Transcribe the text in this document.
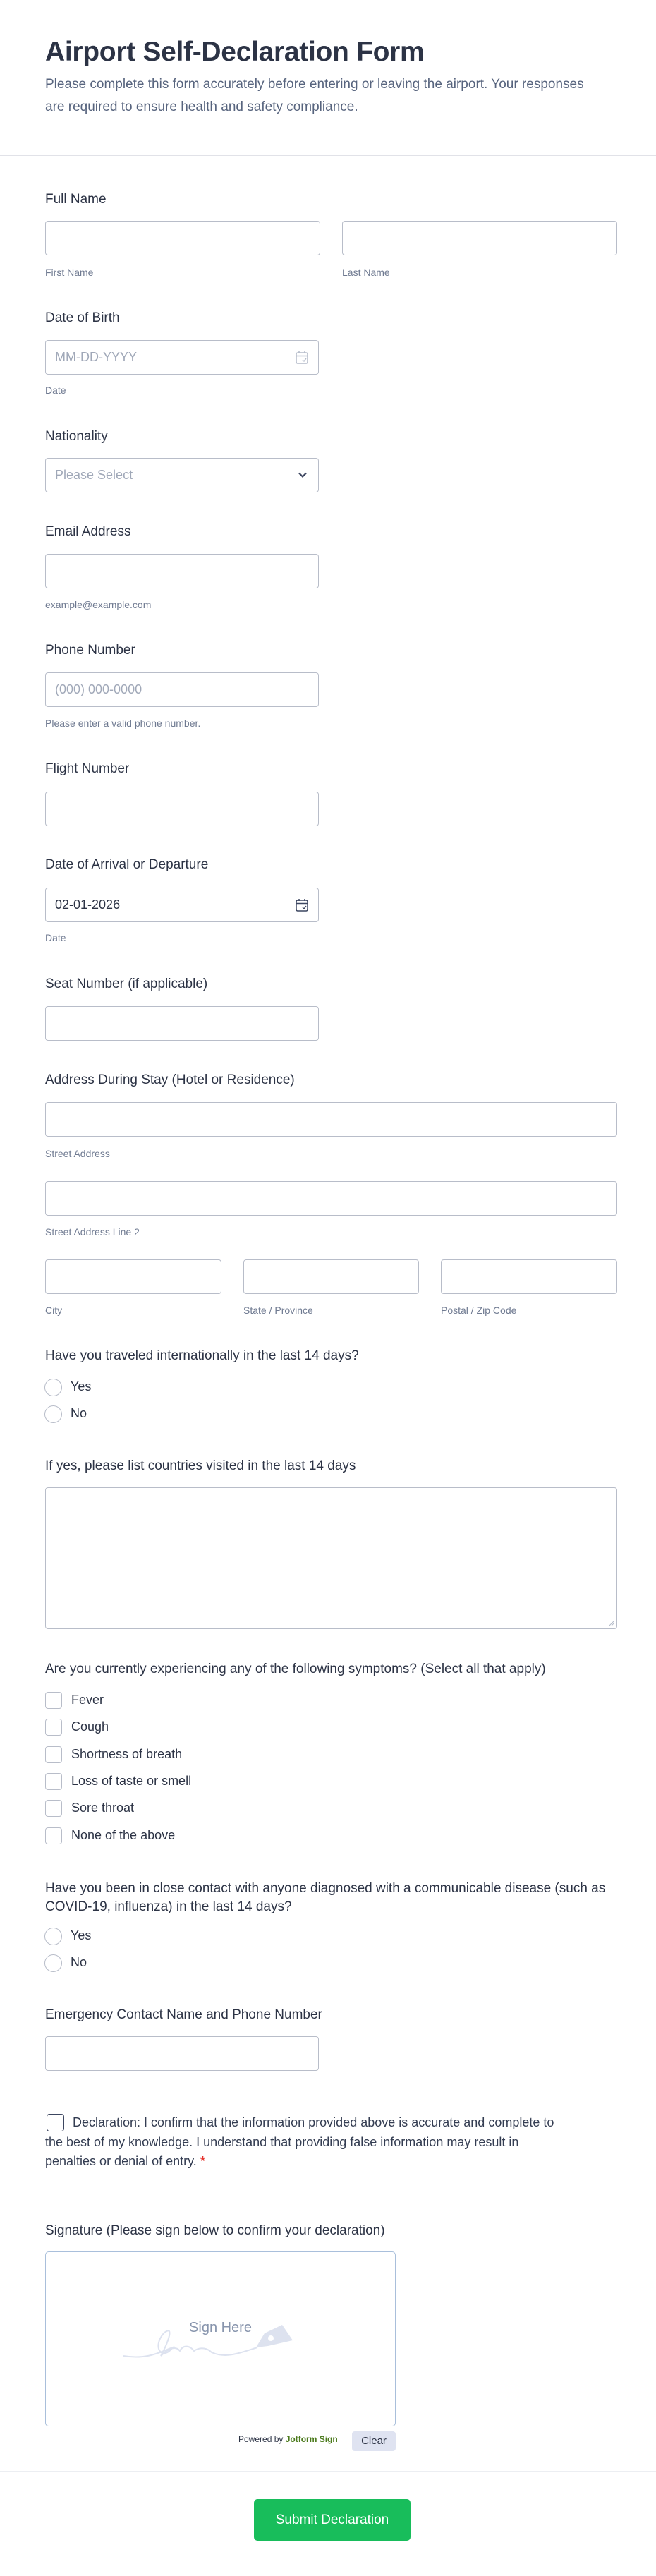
Airport Self-Declaration Form
Please complete this form accurately before entering or leaving the airport. Your responses are required to ensure health and safety compliance.
Full Name
First Name	Last Name
Date of Birth
MM-DD-YYYY
Date
Nationality
Please Select
Email Address
example@example.com
Phone Number
(000) 000-0000
Please enter a valid phone number.
Flight Number
Date of Arrival or Departure
02-01-2026
Date
Seat Number (if applicable)
Address During Stay (Hotel or Residence)
Street Address
Street Address Line 2
City	State / Province	Postal / Zip Code
Have you traveled internationally in the last 14 days?
Yes
No
If yes, please list countries visited in the last 14 days
Are you currently experiencing any of the following symptoms? (Select all that apply)
Fever
Cough
Shortness of breath
Loss of taste or smell
Sore throat
None of the above
Have you been in close contact with anyone diagnosed with a communicable disease (such as COVID-19, influenza) in the last 14 days?
Yes
No
Emergency Contact Name and Phone Number
Declaration: I confirm that the information provided above is accurate and complete to the best of my knowledge. I understand that providing false information may result in penalties or denial of entry. *
Signature (Please sign below to confirm your declaration)
Sign Here
Powered by Jotform Sign	Clear
Submit Declaration
